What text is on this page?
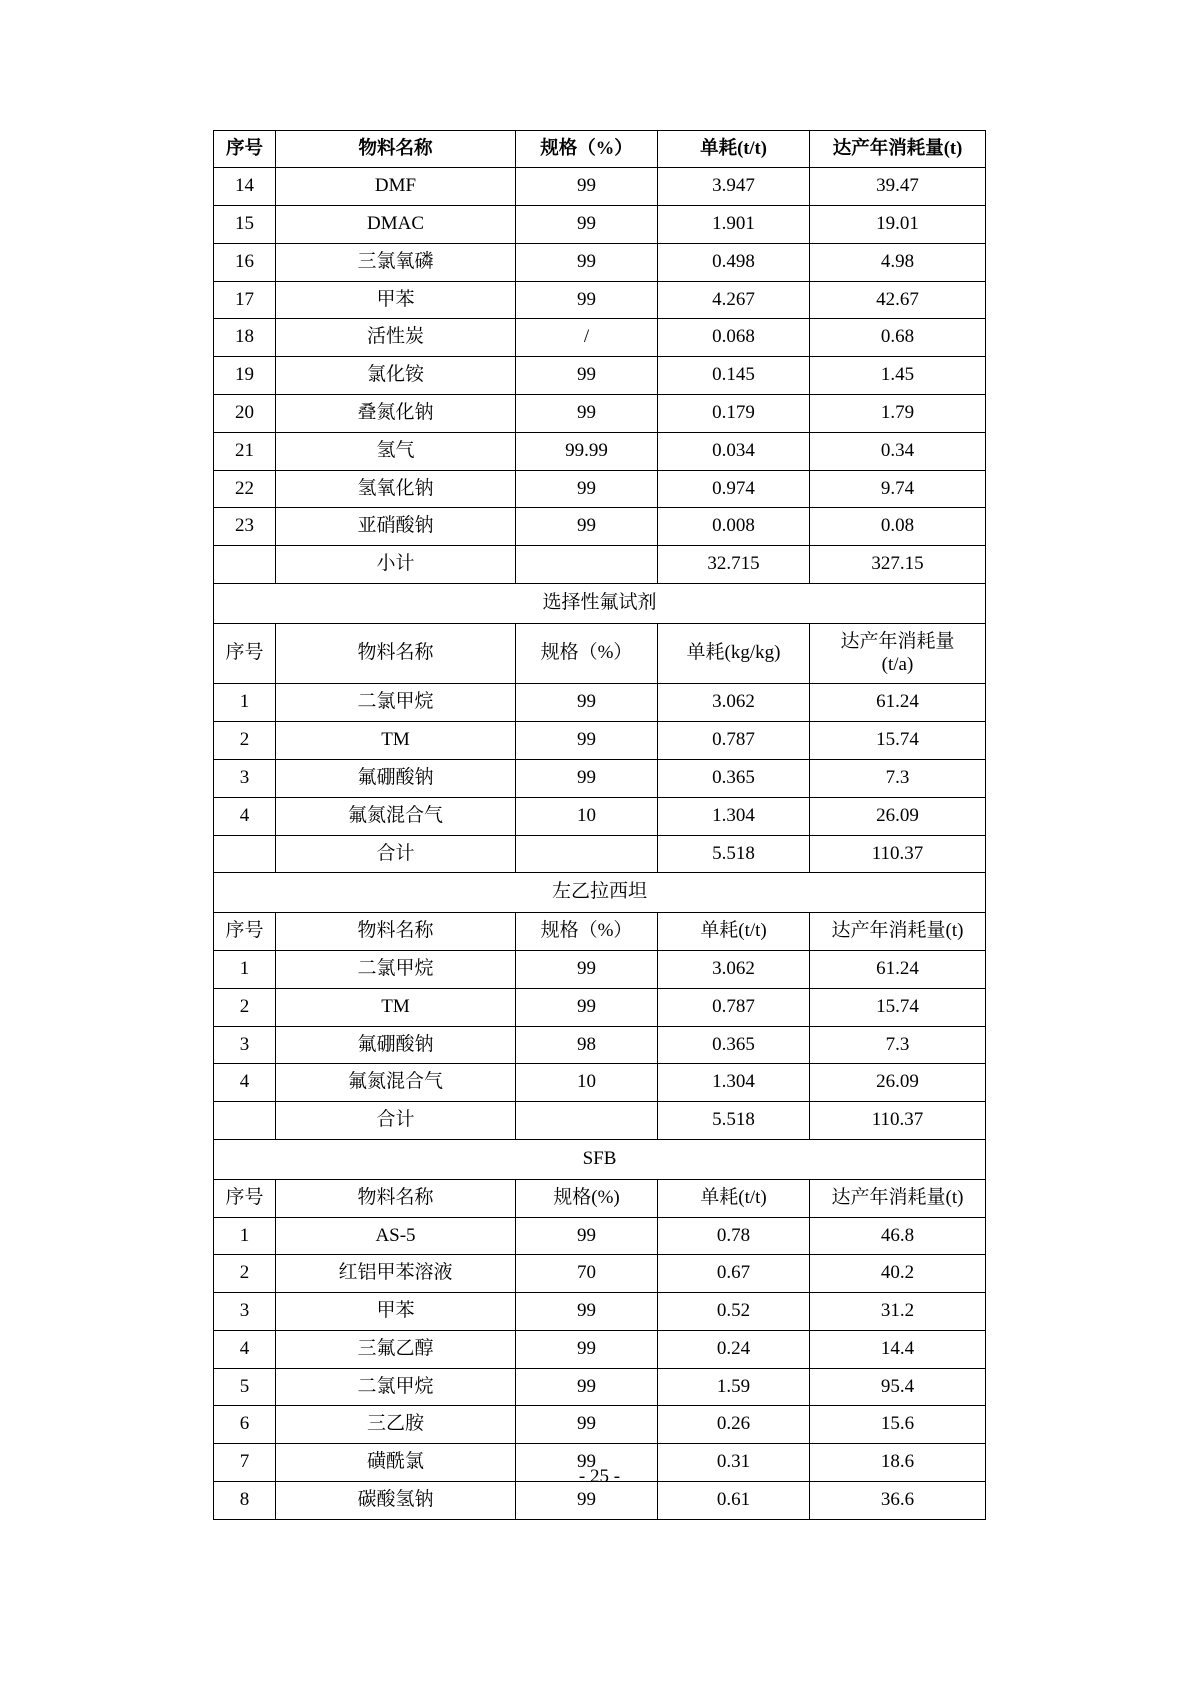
序号	物料名称	规格（%）	单耗(t/t)	达产年消耗量(t)
14	DMF	99	3.947	39.47
15	DMAC	99	1.901	19.01
16	三氯氧磷	99	0.498	4.98
17	甲苯	99	4.267	42.67
18	活性炭	/	0.068	0.68
19	氯化铵	99	0.145	1.45
20	叠氮化钠	99	0.179	1.79
21	氢气	99.99	0.034	0.34
22	氢氧化钠	99	0.974	9.74
23	亚硝酸钠	99	0.008	0.08
	小计		32.715	327.15
选择性氟试剂				
序号	物料名称	规格（%）	单耗(kg/kg)	达产年消耗量
(t/a)
1	二氯甲烷	99	3.062	61.24
2	TM	99	0.787	15.74
3	氟硼酸钠	99	0.365	7.3
4	氟氮混合气	10	1.304	26.09
	合计		5.518	110.37
左乙拉西坦				
序号	物料名称	规格（%）	单耗(t/t)	达产年消耗量(t)
1	二氯甲烷	99	3.062	61.24
2	TM	99	0.787	15.74
3	氟硼酸钠	98	0.365	7.3
4	氟氮混合气	10	1.304	26.09
	合计		5.518	110.37
SFB				
序号	物料名称	规格(%)	单耗(t/t)	达产年消耗量(t)
1	AS-5	99	0.78	46.8
2	红铝甲苯溶液	70	0.67	40.2
3	甲苯	99	0.52	31.2
4	三氟乙醇	99	0.24	14.4
5	二氯甲烷	99	1.59	95.4
6	三乙胺	99	0.26	15.6
7	磺酰氯	99	0.31	18.6
8	碳酸氢钠	99	0.61	36.6
- 25 -
